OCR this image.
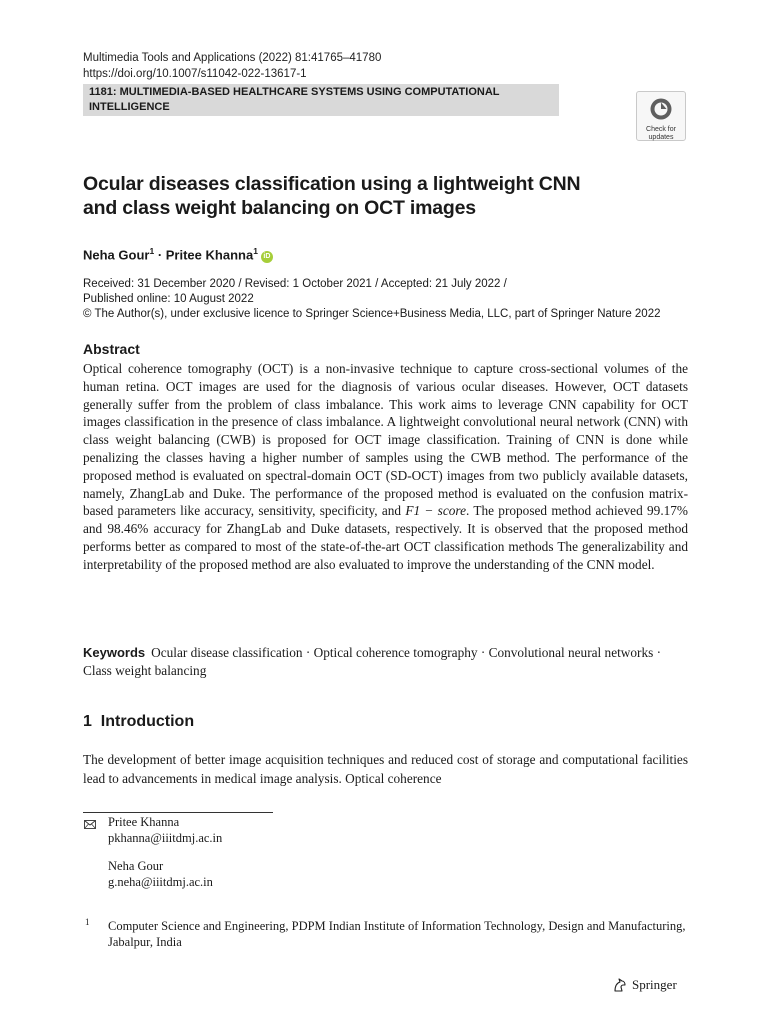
Multimedia Tools and Applications (2022) 81:41765–41780
https://doi.org/10.1007/s11042-022-13617-1
1181: MULTIMEDIA-BASED HEALTHCARE SYSTEMS USING COMPUTATIONAL
INTELLIGENCE
Check for
updates
Ocular diseases classification using a lightweight CNN
and class weight balancing on OCT images
Neha Gour$^1$ · Pritee Khanna$^1$iD
Received: 31 December 2020 / Revised: 1 October 2021 / Accepted: 21 July 2022 /
Published online: 10 August 2022
© The Author(s), under exclusive licence to Springer Science+Business Media, LLC, part of Springer Nature 2022
Abstract
Optical coherence tomography (OCT) is a non-invasive technique to capture cross-sectional volumes of the human retina. OCT images are used for the diagnosis of various ocular diseases. However, OCT datasets generally suffer from the problem of class imbalance. This work aims to leverage CNN capability for OCT images classification in the presence of class imbalance. A lightweight convolutional neural network (CNN) with class weight balancing (CWB) is proposed for OCT image classification. Training of CNN is done while penalizing the classes having a higher number of samples using the CWB method. The performance of the proposed method is evaluated on spectral-domain OCT (SD-OCT) images from two publicly available datasets, namely, ZhangLab and Duke. The performance of the proposed method is evaluated on the confusion matrix-based parameters like accuracy, sensitivity, specificity, and F1 − score. The proposed method achieved 99.17% and 98.46% accuracy for ZhangLab and Duke datasets, respectively. It is observed that the proposed method performs better as compared to most of the state-of-the-art OCT classification methods The generalizability and interpretability of the proposed method are also evaluated to improve the understanding of the CNN model.
Keywords Ocular disease classification · Optical coherence tomography · Convolutional neural networks · Class weight balancing
1  Introduction
The development of better image acquisition techniques and reduced cost of storage and computational facilities lead to advancements in medical image analysis. Optical coherence
Pritee Khanna
pkhanna@iiitdmj.ac.in
Neha Gour
g.neha@iiitdmj.ac.in
1 Computer Science and Engineering, PDPM Indian Institute of Information Technology, Design and Manufacturing, Jabalpur, India
Springer
